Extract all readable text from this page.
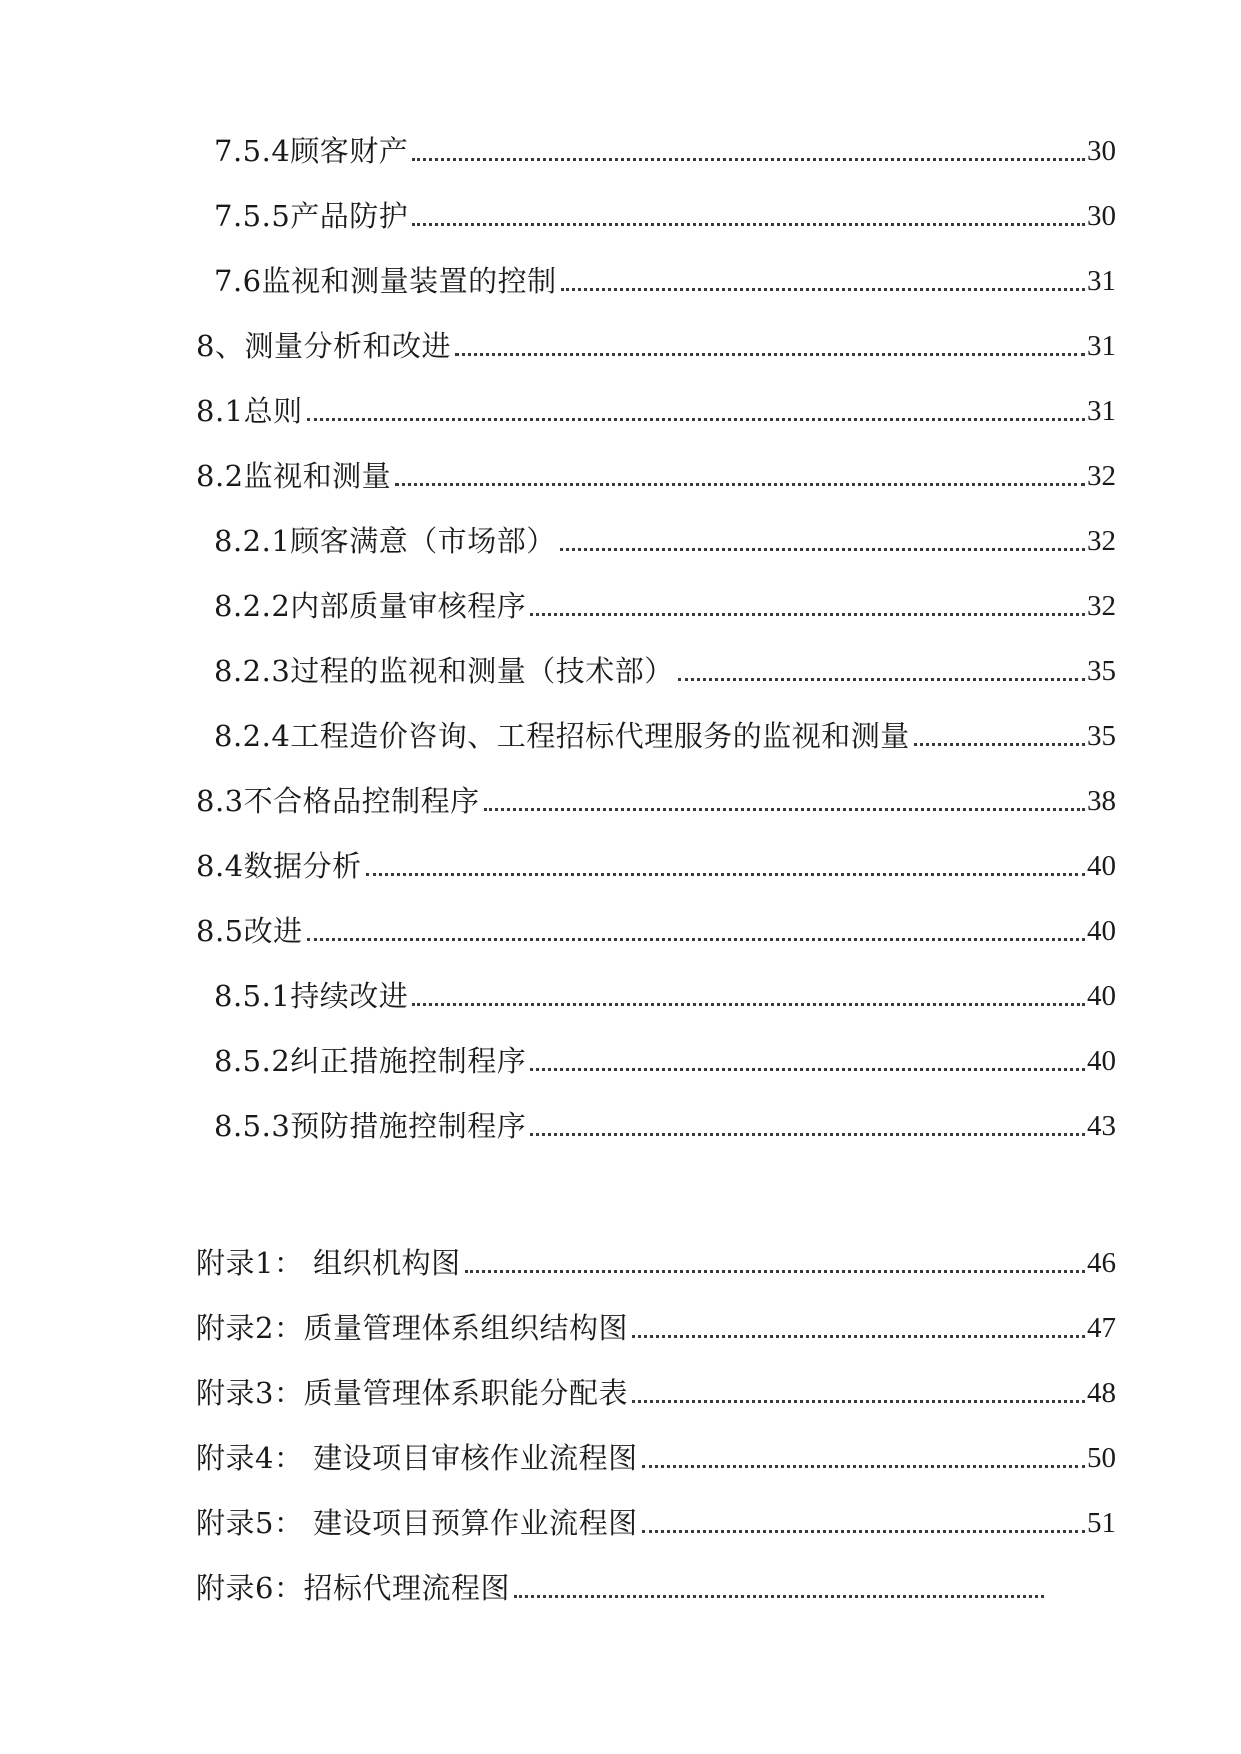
7.5.4顾客财产	30
7.5.5产品防护	30
7.6监视和测量装置的控制	31
8、测量分析和改进	31
8.1总则	31
8.2监视和测量	32
8.2.1顾客满意（市场部）	32
8.2.2内部质量审核程序	32
8.2.3过程的监视和测量（技术部）	35
8.2.4工程造价咨询、工程招标代理服务的监视和测量	35
8.3不合格品控制程序	38
8.4数据分析	40
8.5改进	40
8.5.1持续改进	40
8.5.2纠正措施控制程序	40
8.5.3预防措施控制程序	43
附录1： 组织机构图	46
附录2：质量管理体系组织结构图	47
附录3：质量管理体系职能分配表	48
附录4： 建设项目审核作业流程图	50
附录5： 建设项目预算作业流程图	51
附录6：招标代理流程图
